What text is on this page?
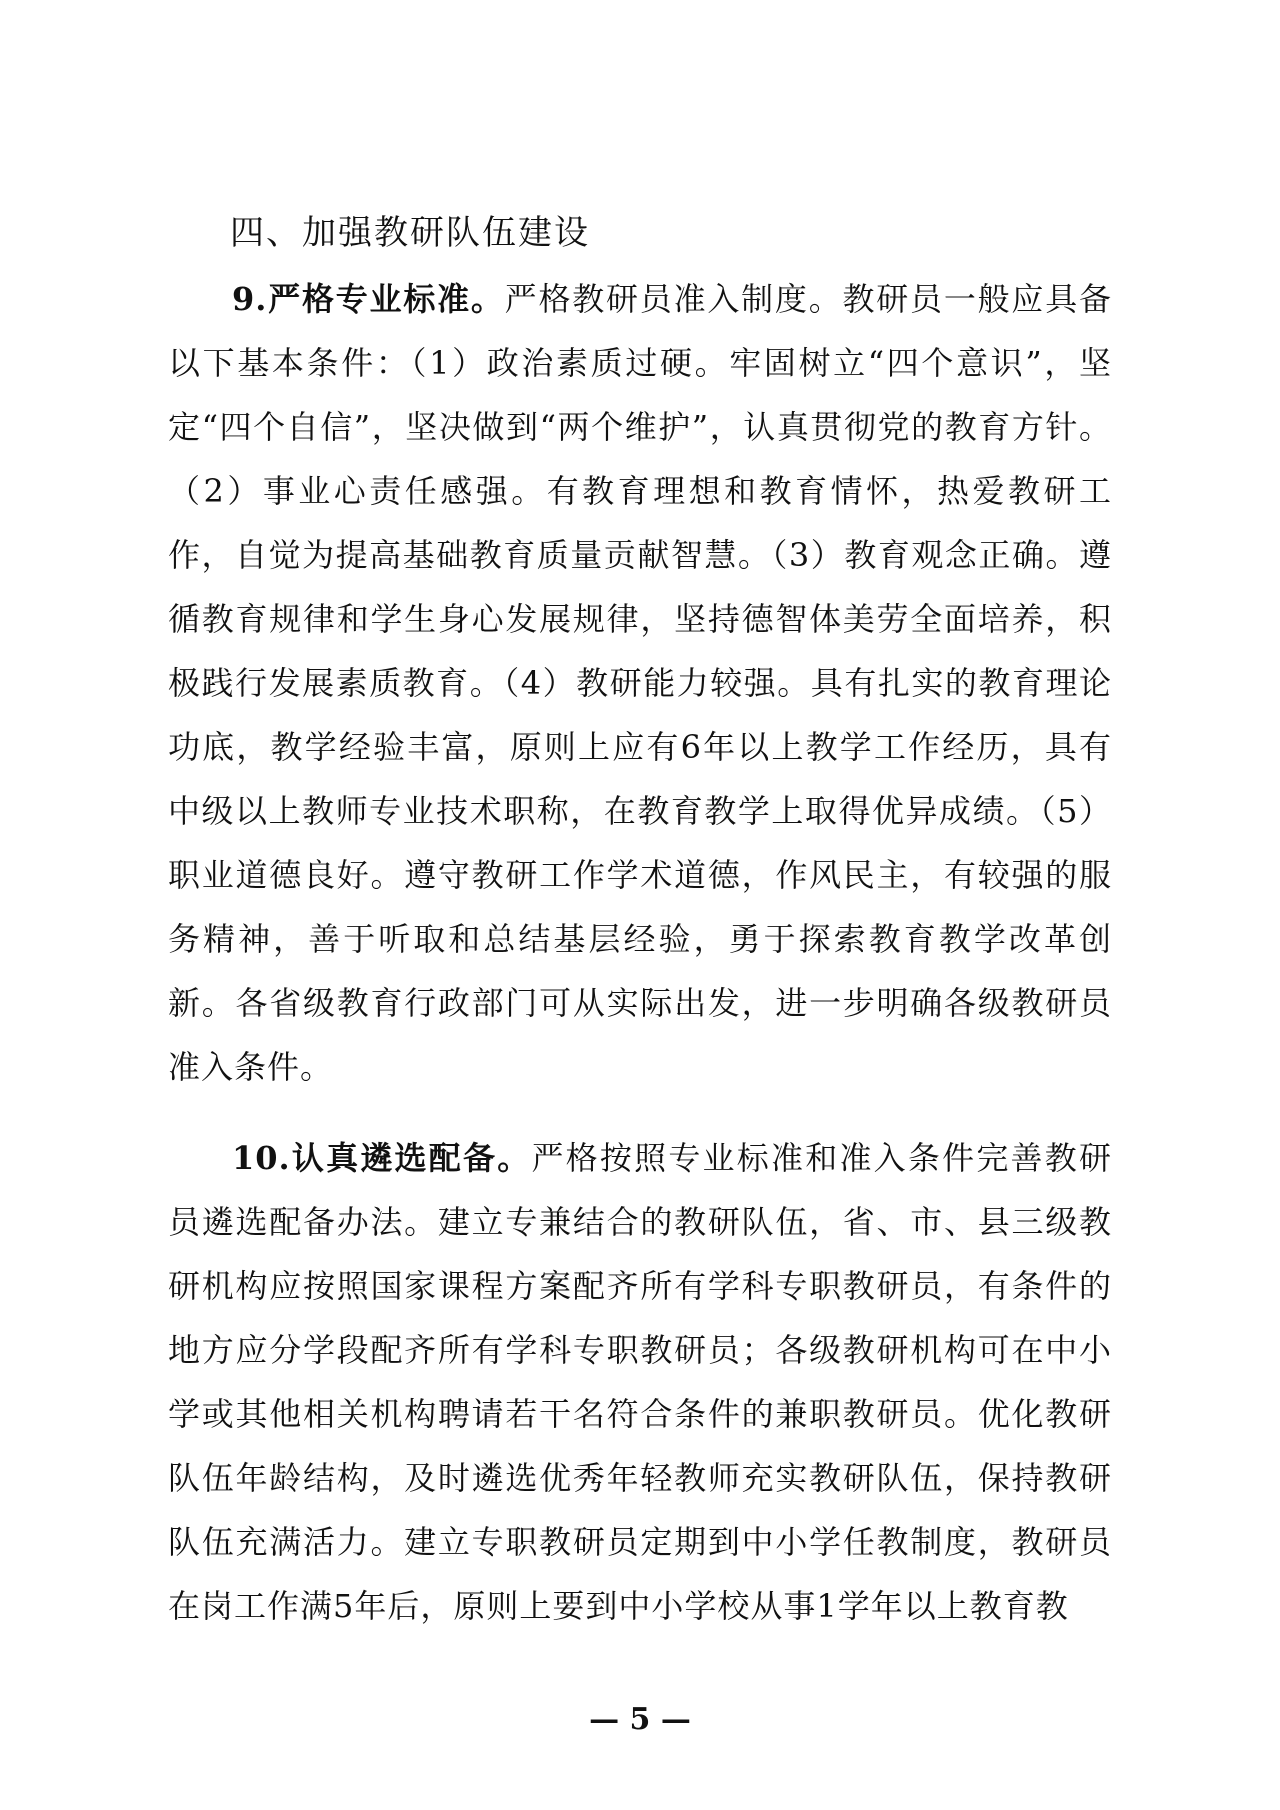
四、加强教研队伍建设

9.严格专业标准。严格教研员准入制度。教研员一般应具备以下基本条件：（1）政治素质过硬。牢固树立“四个意识”，坚定“四个自信”，坚决做到“两个维护”，认真贯彻党的教育方针。（2）事业心责任感强。有教育理想和教育情怀，热爱教研工作，自觉为提高基础教育质量贡献智慧。（3）教育观念正确。遵循教育规律和学生身心发展规律，坚持德智体美劳全面培养，积极践行发展素质教育。（4）教研能力较强。具有扎实的教育理论功底，教学经验丰富，原则上应有6年以上教学工作经历，具有中级以上教师专业技术职称，在教育教学上取得优异成绩。（5）职业道德良好。遵守教研工作学术道德，作风民主，有较强的服务精神，善于听取和总结基层经验，勇于探索教育教学改革创新。各省级教育行政部门可从实际出发，进一步明确各级教研员准入条件。

10.认真遴选配备。严格按照专业标准和准入条件完善教研员遴选配备办法。建立专兼结合的教研队伍，省、市、县三级教研机构应按照国家课程方案配齐所有学科专职教研员，有条件的地方应分学段配齐所有学科专职教研员；各级教研机构可在中小学或其他相关机构聘请若干名符合条件的兼职教研员。优化教研队伍年龄结构，及时遴选优秀年轻教师充实教研队伍，保持教研队伍充满活力。建立专职教研员定期到中小学任教制度，教研员在岗工作满5年后，原则上要到中小学校从事1学年以上教育教

— 5 —
